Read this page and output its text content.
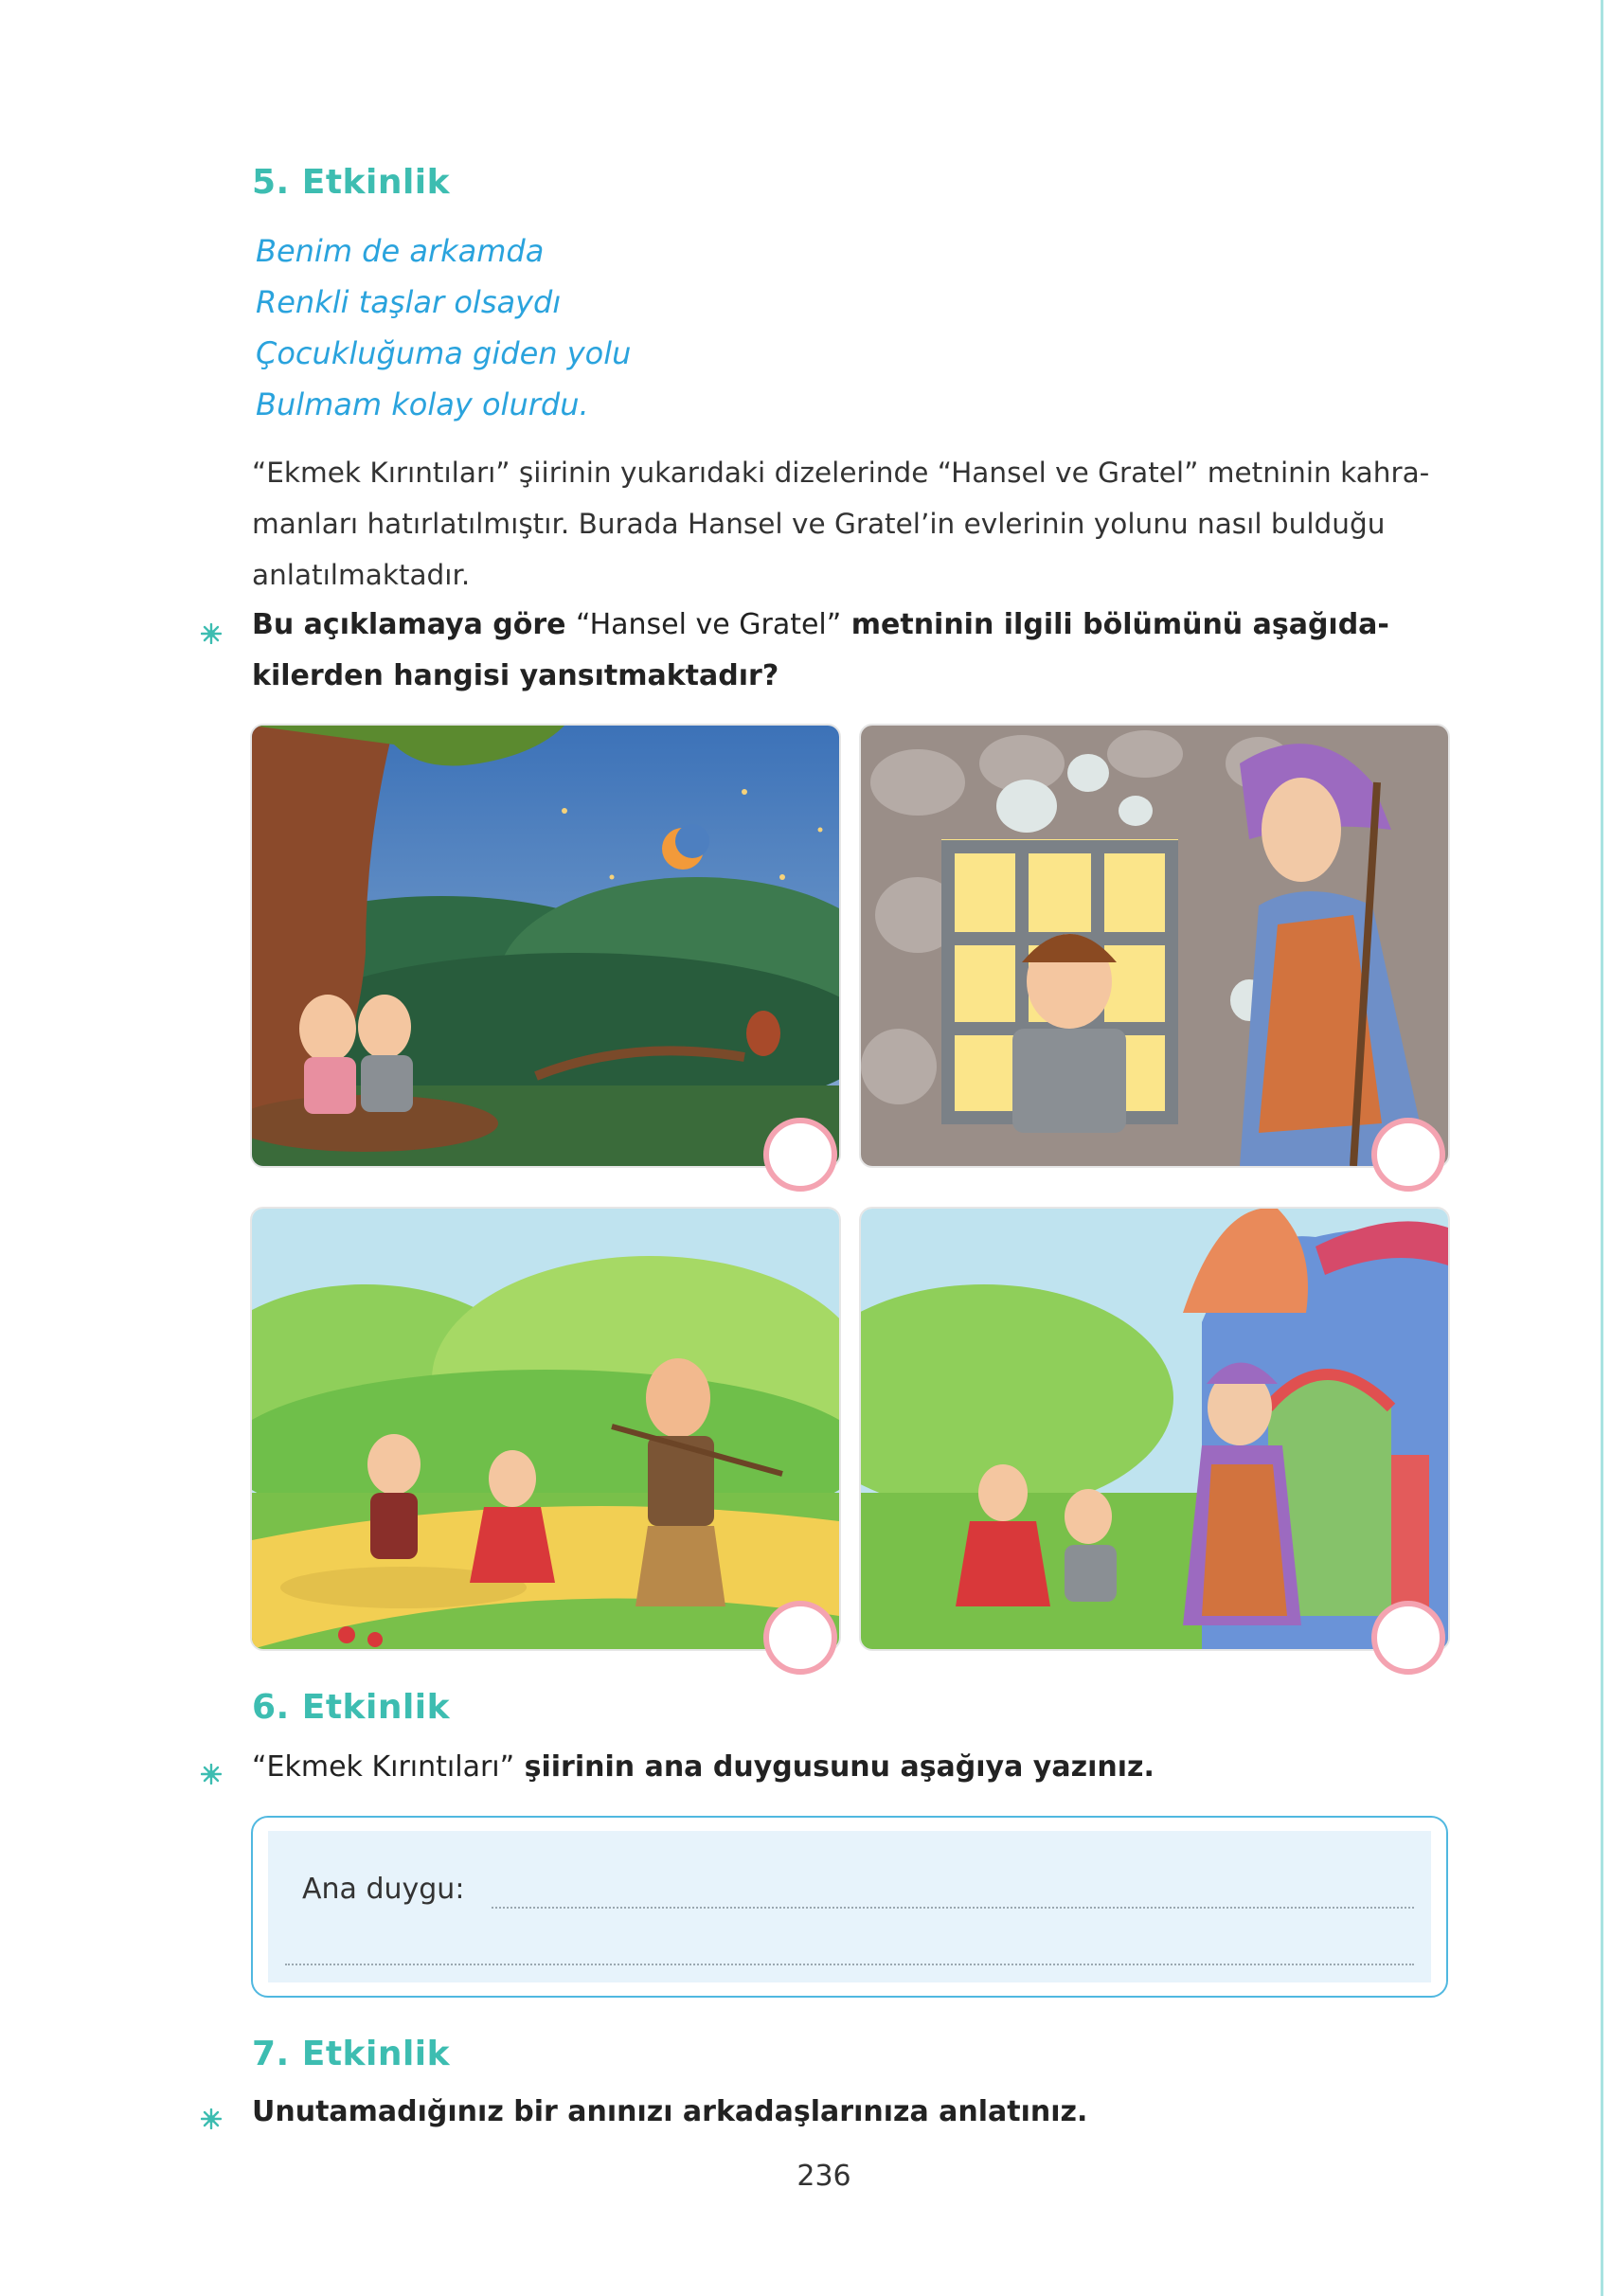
5. Etkinlik
Benim de arkamda
Renkli taşlar olsaydı
Çocukluğuma giden yolu
Bulmam kolay olurdu.
“Ekmek Kırıntıları” şiirinin yukarıdaki dizelerinde “Hansel ve Gratel” metninin kahra-
manları hatırlatılmıştır. Burada Hansel ve Gratel’in evlerinin yolunu nasıl bulduğu
anlatılmaktadır.
Bu açıklamaya göre “Hansel ve Gratel” metninin ilgili bölümünü aşağıda-
kilerden hangisi yansıtmaktadır?
6. Etkinlik
“Ekmek Kırıntıları” şiirinin ana duygusunu aşağıya yazınız.
Ana duygu:
7. Etkinlik
Unutamadığınız bir anınızı arkadaşlarınıza anlatınız.
236
